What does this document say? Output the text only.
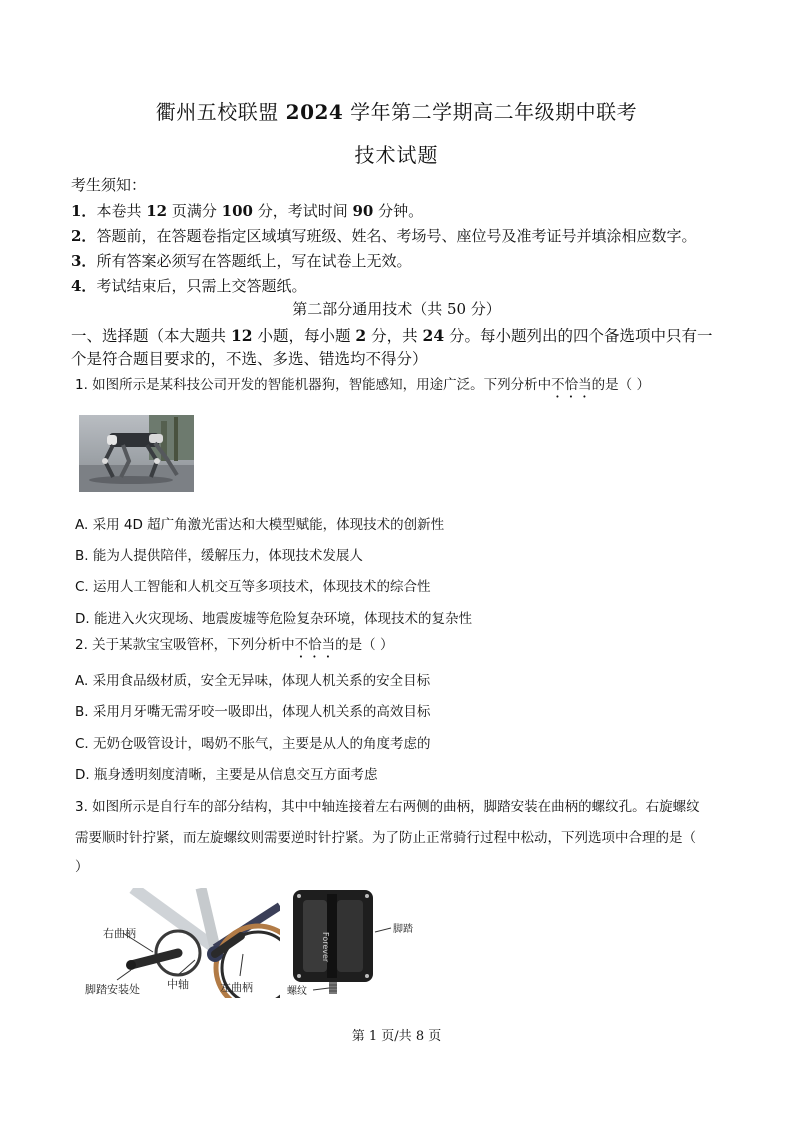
衢州五校联盟 2024 学年第二学期高二年级期中联考
技术试题
考生须知：
1．本卷共 12 页满分 100 分，考试时间 90 分钟。
2．答题前，在答题卷指定区域填写班级、姓名、考场号、座位号及准考证号并填涂相应数字。
3．所有答案必须写在答题纸上，写在试卷上无效。
4．考试结束后，只需上交答题纸。
第二部分通用技术（共 50 分）
一、选择题（本大题共 12 小题，每小题 2 分，共 24 分。每小题列出的四个备选项中只有一
个是符合题目要求的，不选、多选、错选均不得分）
1. 如图所示是某科技公司开发的智能机器狗，智能感知，用途广泛。下列分析中不恰当的是（ ）
A. 采用 4D 超广角激光雷达和大模型赋能，体现技术的创新性
B. 能为人提供陪伴，缓解压力，体现技术发展人
C. 运用人工智能和人机交互等多项技术，体现技术的综合性
D. 能进入火灾现场、地震废墟等危险复杂环境，体现技术的复杂性
2. 关于某款宝宝吸管杯，下列分析中不恰当的是（ ）
A. 采用食品级材质，安全无异味，体现人机关系的安全目标
B. 采用月牙嘴无需牙咬一吸即出，体现人机关系的高效目标
C. 无奶仓吸管设计，喝奶不胀气，主要是从人的角度考虑的
D. 瓶身透明刻度清晰，主要是从信息交互方面考虑
3. 如图所示是自行车的部分结构，其中中轴连接着左右两侧的曲柄，脚踏安装在曲柄的螺纹孔。右旋螺纹
需要顺时针拧紧，而左旋螺纹则需要逆时针拧紧。为了防止正常骑行过程中松动，下列选项中合理的是（
）
右曲柄
脚踏安装处 中轴	左曲柄
Forever
脚踏
螺纹
第 1 页/共 8 页
